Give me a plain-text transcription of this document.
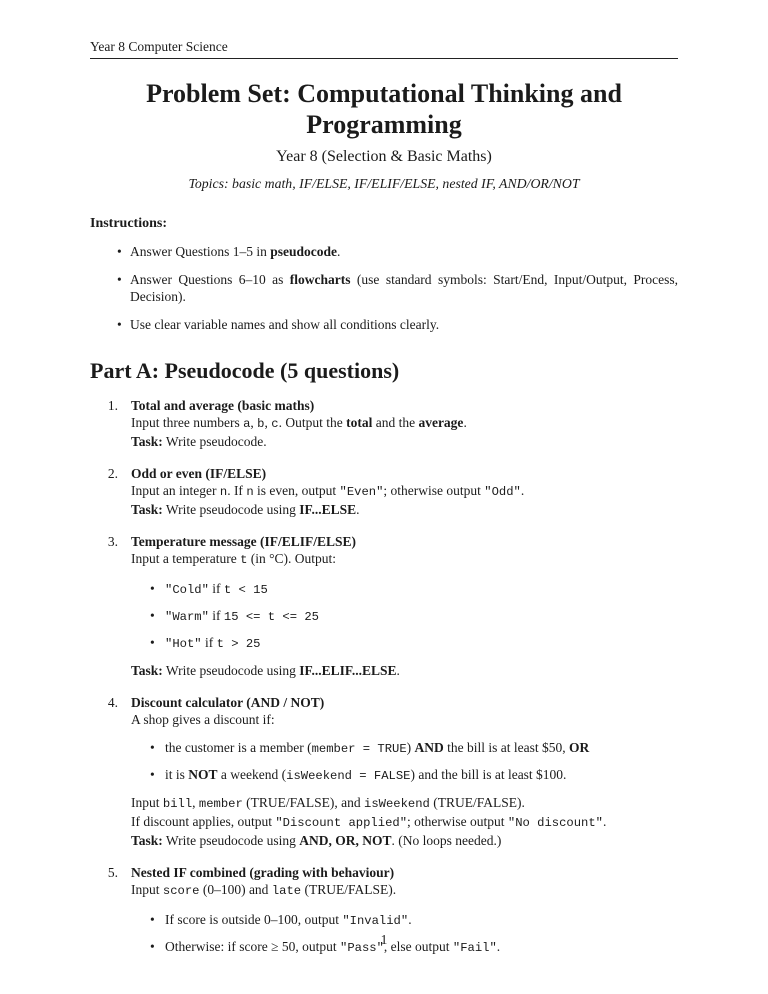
Year 8 Computer Science
Problem Set: Computational Thinking and Programming
Year 8 (Selection & Basic Maths)
Topics: basic math, IF/ELSE, IF/ELIF/ELSE, nested IF, AND/OR/NOT
Instructions:
• Answer Questions 1–5 in pseudocode.
• Answer Questions 6–10 as flowcharts (use standard symbols: Start/End, Input/Output, Process, Decision).
• Use clear variable names and show all conditions clearly.
Part A: Pseudocode (5 questions)
1. Total and average (basic maths)
Input three numbers a, b, c. Output the total and the average.
Task: Write pseudocode.
2. Odd or even (IF/ELSE)
Input an integer n. If n is even, output "Even"; otherwise output "Odd".
Task: Write pseudocode using IF...ELSE.
3. Temperature message (IF/ELIF/ELSE)
Input a temperature t (in °C). Output:
• "Cold" if t < 15
• "Warm" if 15 <= t <= 25
• "Hot" if t > 25
Task: Write pseudocode using IF...ELIF...ELSE.
4. Discount calculator (AND / NOT)
A shop gives a discount if:
• the customer is a member (member = TRUE) AND the bill is at least $50, OR
• it is NOT a weekend (isWeekend = FALSE) and the bill is at least $100.
Input bill, member (TRUE/FALSE), and isWeekend (TRUE/FALSE).
If discount applies, output "Discount applied"; otherwise output "No discount".
Task: Write pseudocode using AND, OR, NOT. (No loops needed.)
5. Nested IF combined (grading with behaviour)
Input score (0–100) and late (TRUE/FALSE).
• If score is outside 0–100, output "Invalid".
• Otherwise: if score ≥ 50, output "Pass", else output "Fail".
1
